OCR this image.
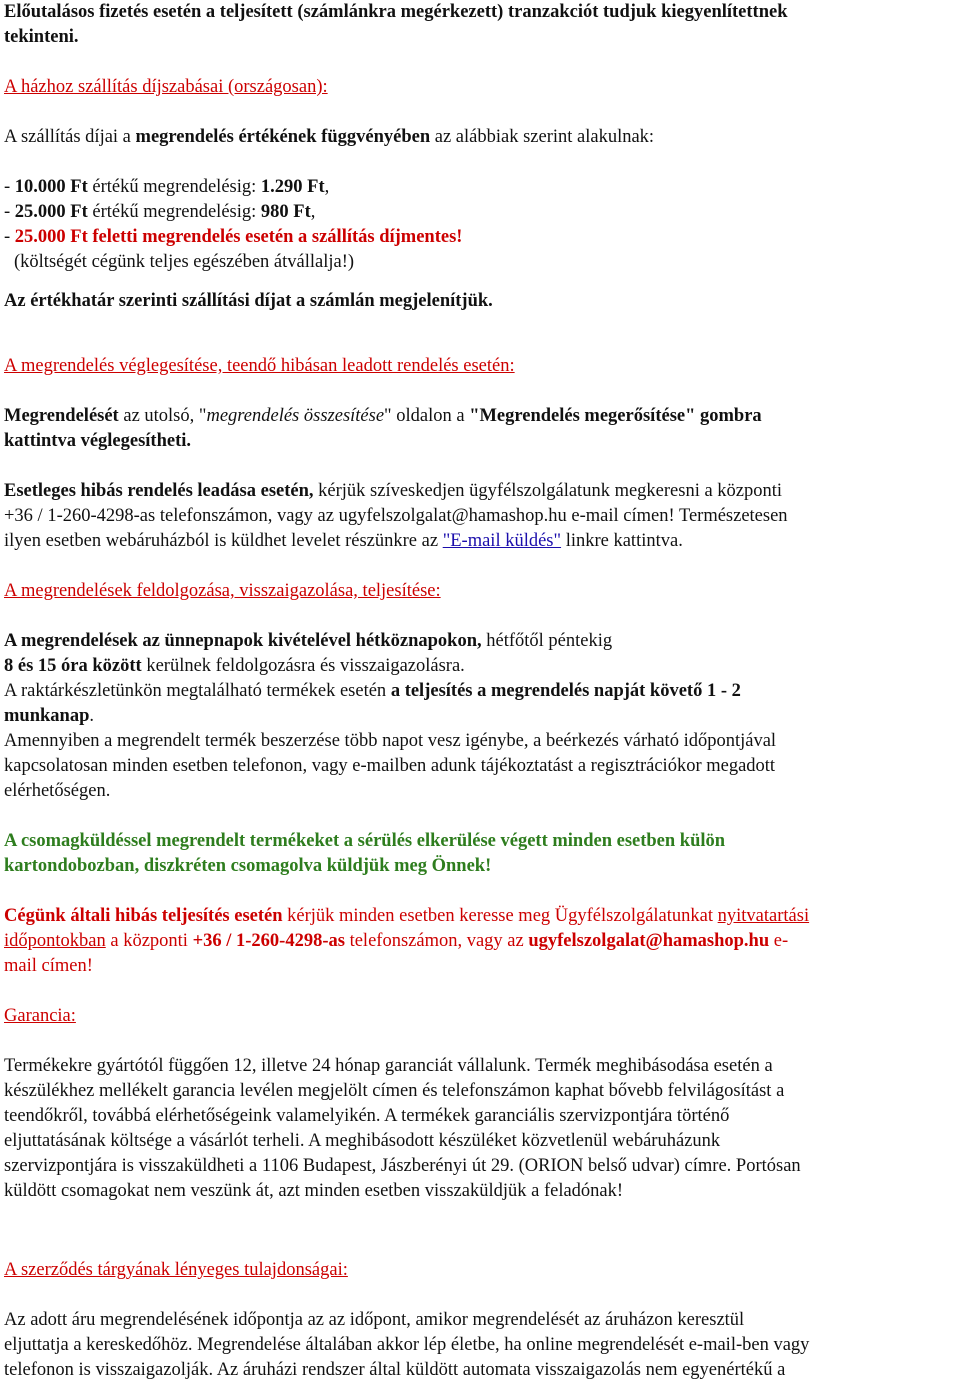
Előutalásos fizetés esetén a teljesített (számlánkra megérkezett) tranzakciót tudjuk kiegyenlítettnek
tekinteni.
A házhoz szállítás díjszabásai (országosan):
A szállítás díjai a megrendelés értékének függvényében az alábbiak szerint alakulnak:
- 10.000 Ft értékű megrendelésig: 1.290 Ft,
- 25.000 Ft értékű megrendelésig: 980 Ft,
- 25.000 Ft feletti megrendelés esetén a szállítás díjmentes!
(költségét cégünk teljes egészében átvállalja!)
Az értékhatár szerinti szállítási díjat a számlán megjelenítjük.
A megrendelés véglegesítése, teendő hibásan leadott rendelés esetén:
Megrendelését az utolsó, "megrendelés összesítése" oldalon a "Megrendelés megerősítése" gombra
kattintva véglegesítheti.
Esetleges hibás rendelés leadása esetén, kérjük szíveskedjen ügyfélszolgálatunk megkeresni a központi
+36 / 1-260-4298-as telefonszámon, vagy az ugyfelszolgalat@hamashop.hu e-mail címen! Természetesen
ilyen esetben webáruházból is küldhet levelet részünkre az "E-mail küldés" linkre kattintva.
A megrendelések feldolgozása, visszaigazolása, teljesítése:
A megrendelések az ünnepnapok kivételével hétköznapokon, hétfőtől péntekig
8 és 15 óra között kerülnek feldolgozásra és visszaigazolásra.
A raktárkészletünkön megtalálható termékek esetén a teljesítés a megrendelés napját követő 1 - 2
munkanap.
Amennyiben a megrendelt termék beszerzése több napot vesz igénybe, a beérkezés várható időpontjával
kapcsolatosan minden esetben telefonon, vagy e-mailben adunk tájékoztatást a regisztrációkor megadott
elérhetőségen.
A csomagküldéssel megrendelt termékeket a sérülés elkerülése végett minden esetben külön
kartondobozban, diszkréten csomagolva küldjük meg Önnek!
Cégünk általi hibás teljesítés esetén kérjük minden esetben keresse meg Ügyfélszolgálatunkat nyitvatartási
időpontokban a központi +36 / 1-260-4298-as telefonszámon, vagy az ugyfelszolgalat@hamashop.hu e-
mail címen!
Garancia:
Termékekre gyártótól függően 12, illetve 24 hónap garanciát vállalunk. Termék meghibásodása esetén a
készülékhez mellékelt garancia levélen megjelölt címen és telefonszámon kaphat bővebb felvilágosítást a
teendőkről, továbbá elérhetőségeink valamelyikén. A termékek garanciális szervizpontjára történő
eljuttatásának költsége a vásárlót terheli. A meghibásodott készüléket közvetlenül webáruházunk
szervizpontjára is visszaküldheti a 1106 Budapest, Jászberényi út 29. (ORION belső udvar) címre. Portósan
küldött csomagokat nem veszünk át, azt minden esetben visszaküldjük a feladónak!
A szerződés tárgyának lényeges tulajdonságai:
Az adott áru megrendelésének időpontja az az időpont, amikor megrendelését az áruházon keresztül
eljuttatja a kereskedőhöz. Megrendelése általában akkor lép életbe, ha online megrendelését e-mail-ben vagy
telefonon is visszaigazolják. Az áruházi rendszer által küldött automata visszaigazolás nem egyenértékű a
